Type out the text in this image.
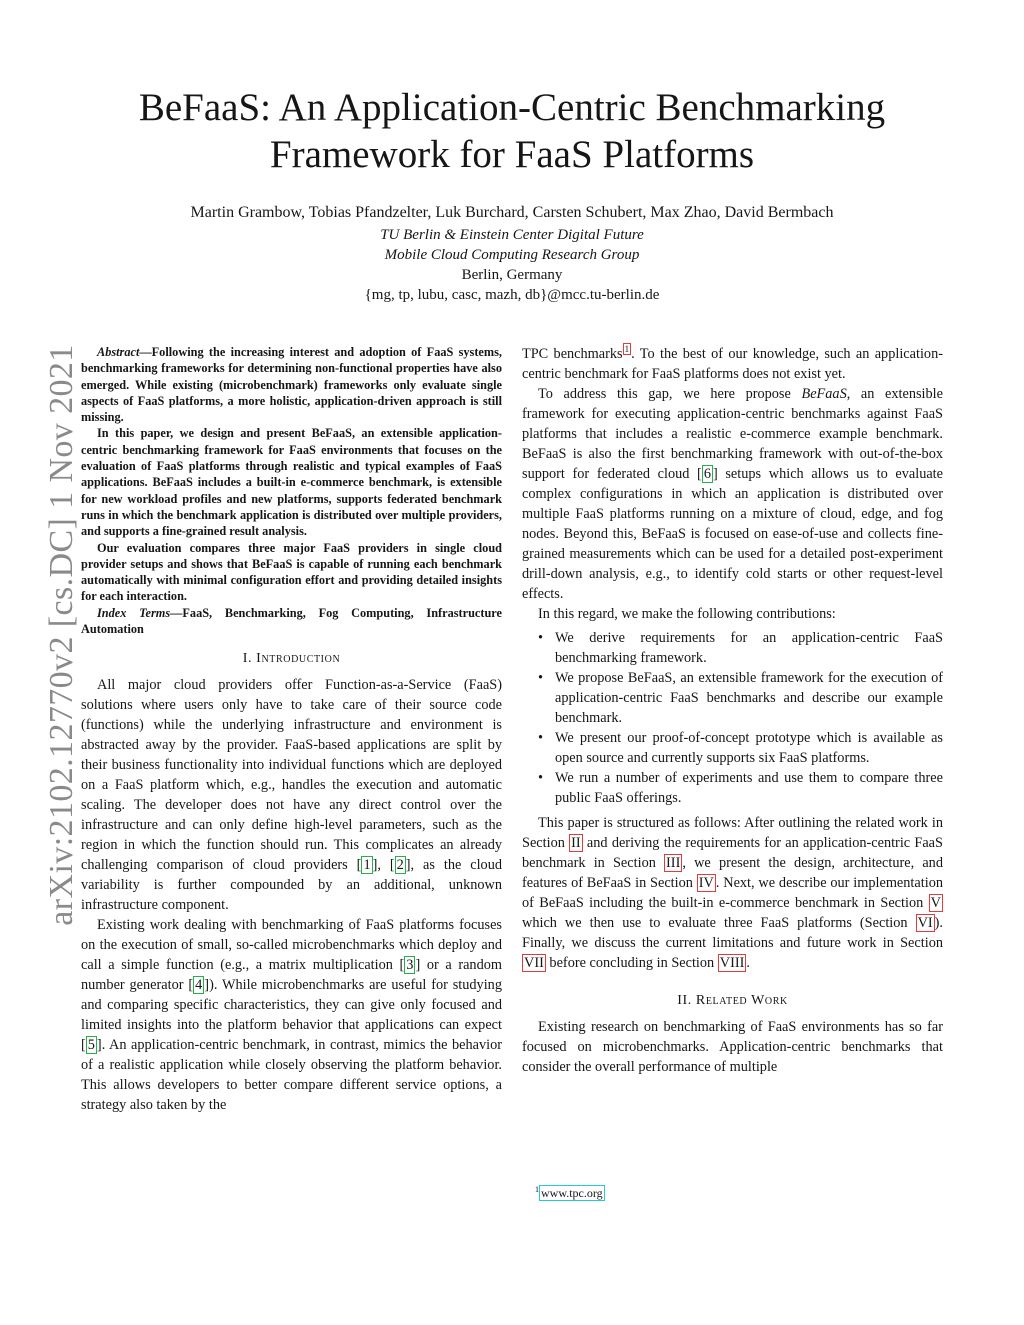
arXiv:2102.12770v2 [cs.DC] 1 Nov 2021
BeFaaS: An Application-Centric Benchmarking Framework for FaaS Platforms
Martin Grambow, Tobias Pfandzelter, Luk Burchard, Carsten Schubert, Max Zhao, David Bermbach
TU Berlin & Einstein Center Digital Future
Mobile Cloud Computing Research Group
Berlin, Germany
{mg, tp, lubu, casc, mazh, db}@mcc.tu-berlin.de

Abstract—Following the increasing interest and adoption of FaaS systems, benchmarking frameworks for determining non-functional properties have also emerged. While existing (microbenchmark) frameworks only evaluate single aspects of FaaS platforms, a more holistic, application-driven approach is still missing.

In this paper, we design and present BeFaaS, an extensible application-centric benchmarking framework for FaaS environments that focuses on the evaluation of FaaS platforms through realistic and typical examples of FaaS applications. BeFaaS includes a built-in e-commerce benchmark, is extensible for new workload profiles and new platforms, supports federated benchmark runs in which the benchmark application is distributed over multiple providers, and supports a fine-grained result analysis.

Our evaluation compares three major FaaS providers in single cloud provider setups and shows that BeFaaS is capable of running each benchmark automatically with minimal configuration effort and providing detailed insights for each interaction.

Index Terms—FaaS, Benchmarking, Fog Computing, Infrastructure Automation

I. Introduction

All major cloud providers offer Function-as-a-Service (FaaS) solutions where users only have to take care of their source code (functions) while the underlying infrastructure and environment is abstracted away by the provider. FaaS-based applications are split by their business functionality into individual functions which are deployed on a FaaS platform which, e.g., handles the execution and automatic scaling. The developer does not have any direct control over the infrastructure and can only define high-level parameters, such as the region in which the function should run. This complicates an already challenging comparison of cloud providers [ 1 ], [ 2 ], as the cloud variability is further compounded by an additional, unknown infrastructure component.

Existing work dealing with benchmarking of FaaS platforms focuses on the execution of small, so-called microbenchmarks which deploy and call a simple function (e.g., a matrix multiplication [ 3 ] or a random number generator [ 4 ]). While microbenchmarks are useful for studying and comparing specific characteristics, they can give only focused and limited insights into the platform behavior that applications can expect [ 5 ]. An application-centric benchmark, in contrast, mimics the behavior of a realistic application while closely observing the platform behavior. This allows developers to better compare different service options, a strategy also taken by the

TPC benchmarks $^1$ . To the best of our knowledge, such an application-centric benchmark for FaaS platforms does not exist yet.

To address this gap, we here propose BeFaaS, an extensible framework for executing application-centric benchmarks against FaaS platforms that includes a realistic e-commerce example benchmark. BeFaaS is also the first benchmarking framework with out-of-the-box support for federated cloud [ 6 ] setups which allows us to evaluate complex configurations in which an application is distributed over multiple FaaS platforms running on a mixture of cloud, edge, and fog nodes. Beyond this, BeFaaS is focused on ease-of-use and collects fine-grained measurements which can be used for a detailed post-experiment drill-down analysis, e.g., to identify cold starts or other request-level effects.

In this regard, we make the following contributions:

• We derive requirements for an application-centric FaaS benchmarking framework.
• We propose BeFaaS, an extensible framework for the execution of application-centric FaaS benchmarks and describe our example benchmark.
• We present our proof-of-concept prototype which is available as open source and currently supports six FaaS platforms.
• We run a number of experiments and use them to compare three public FaaS offerings.

This paper is structured as follows: After outlining the related work in Section II and deriving the requirements for an application-centric FaaS benchmark in Section III , we present the design, architecture, and features of BeFaaS in Section IV . Next, we describe our implementation of BeFaaS including the built-in e-commerce benchmark in Section V which we then use to evaluate three FaaS platforms (Section VI ). Finally, we discuss the current limitations and future work in Section VII before concluding in Section VIII .

II. Related Work

Existing research on benchmarking of FaaS environments has so far focused on microbenchmarks. Application-centric benchmarks that consider the overall performance of multiple

$^1$ www.tpc.org
